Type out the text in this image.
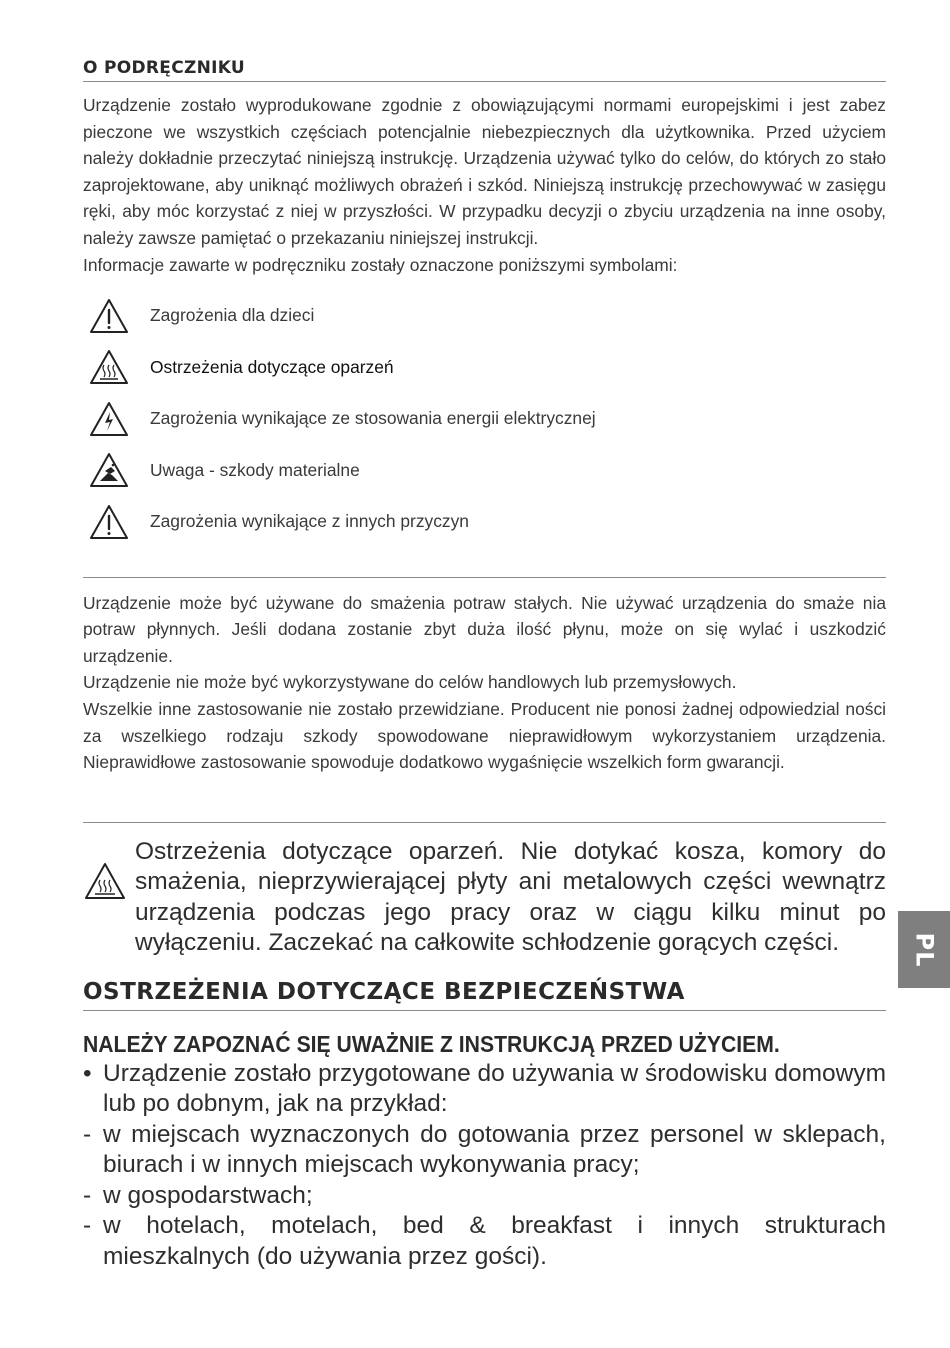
O PODRĘCZNIKU

Urządzenie zostało wyprodukowane zgodnie z obowiązującymi normami europejskimi i jest zabez pieczone we wszystkich częściach potencjalnie niebezpiecznych dla użytkownika. Przed użyciem należy dokładnie przeczytać niniejszą instrukcję. Urządzenia używać tylko do celów, do których zo stało zaprojektowane, aby uniknąć możliwych obrażeń i szkód. Niniejszą instrukcję przechowywać w zasięgu ręki, aby móc korzystać z niej w przyszłości. W przypadku decyzji o zbyciu urządzenia na inne osoby, należy zawsze pamiętać o przekazaniu niniejszej instrukcji.

Informacje zawarte w podręczniku zostały oznaczone poniższymi symbolami:

Zagrożenia dla dzieci
Ostrzeżenia dotyczące oparzeń
Zagrożenia wynikające ze stosowania energii elektrycznej
Uwaga - szkody materialne
Zagrożenia wynikające z innych przyczyn

Urządzenie może być używane do smażenia potraw stałych. Nie używać urządzenia do smaże nia potraw płynnych. Jeśli dodana zostanie zbyt duża ilość płynu, może on się wylać i uszkodzić urządzenie.

Urządzenie nie może być wykorzystywane do celów handlowych lub przemysłowych.

Wszelkie inne zastosowanie nie zostało przewidziane. Producent nie ponosi żadnej odpowiedzial ności za wszelkiego rodzaju szkody spowodowane nieprawidłowym wykorzystaniem urządzenia. Nieprawidłowe zastosowanie spowoduje dodatkowo wygaśnięcie wszelkich form gwarancji.

Ostrzeżenia dotyczące oparzeń. Nie dotykać kosza, komory do smażenia, nieprzywierającej płyty ani metalowych części wewnątrz urządzenia podczas jego pracy oraz w ciągu kilku minut po wyłączeniu. Zaczekać na całkowite schłodzenie gorących części.

OSTRZEŻENIA DOTYCZĄCE BEZPIECZEŃSTWA
NALEŻY ZAPOZNAĆ SIĘ UWAŻNIE Z INSTRUKCJĄ PRZED UŻYCIEM.
• Urządzenie zostało przygotowane do używania w środowisku domowym lub po dobnym, jak na przykład:

- w miejscach wyznaczonych do gotowania przez personel w sklepach, biurach i w innych miejscach wykonywania pracy;

- w gospodarstwach;

- w hotelach, motelach, bed & breakfast i innych strukturach mieszkalnych (do używania przez gości).

PL
